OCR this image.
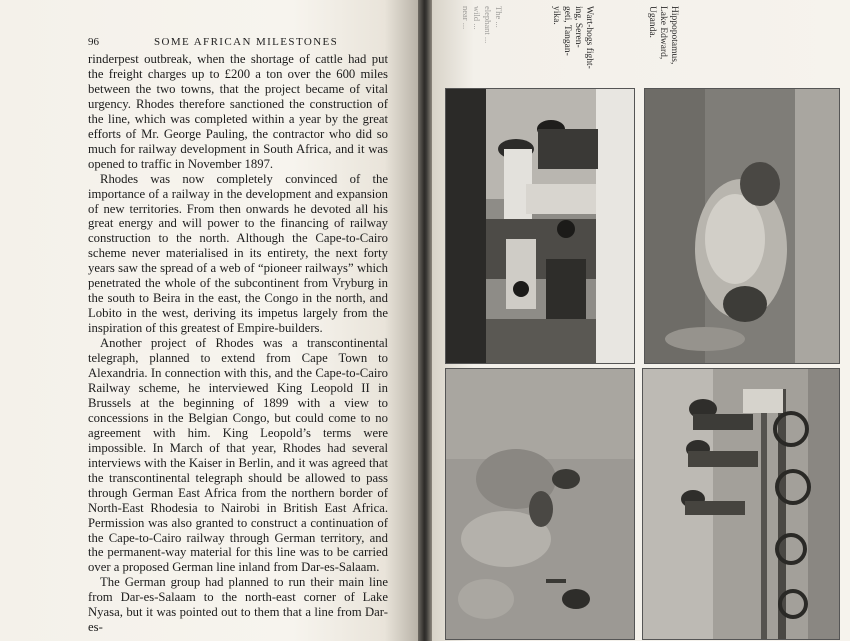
96	SOME AFRICAN MILESTONES

rinderpest outbreak, when the shortage of cattle had put the freight charges up to £200 a ton over the 600 miles between the two towns, that the project became of vital urgency. Rhodes therefore sanctioned the construction of the line, which was completed within a year by the great efforts of Mr. George Pauling, the contractor who did so much for railway development in South Africa, and it was opened to traffic in November 1897.

Rhodes was now completely convinced of the importance of a railway in the development and expansion of new territories. From then onwards he devoted all his great energy and will power to the financing of railway construction to the north. Although the Cape-to-Cairo scheme never materialised in its entirety, the next forty years saw the spread of a web of “pioneer railways” which penetrated the whole of the subcontinent from Vryburg in the south to Beira in the east, the Congo in the north, and Lobito in the west, deriving its impetus largely from the inspiration of this greatest of Empire-builders.

Another project of Rhodes was a transcontinental telegraph, planned to extend from Cape Town to Alexandria. In connection with this, and the Cape-to-Cairo Railway scheme, he interviewed King Leopold II in Brussels at the beginning of 1899 with a view to concessions in the Belgian Congo, but could come to no agreement with him. King Leopold’s terms were impossible. In March of that year, Rhodes had several interviews with the Kaiser in Berlin, and it was agreed that the transcontinental telegraph should be allowed to pass through German East Africa from the northern border of North-East Rhodesia to Nairobi in British East Africa. Permission was also granted to construct a continuation of the Cape-to-Cairo railway through German territory, and the permanent-way material for this line was to be carried over a proposed German line inland from Dar-es-Salaam.

The German group had planned to run their main line from Dar-es-Salaam to the north-east corner of Lake Nyasa, but it was pointed out to them that a line from Dar-es-

The ...
elephant ...
wild ...
near ...	Wart-hogs fight-
ing, Seren-
geti, Tangan-
yika.	Hippopotamus,
Lake Edward,
Uganda.
